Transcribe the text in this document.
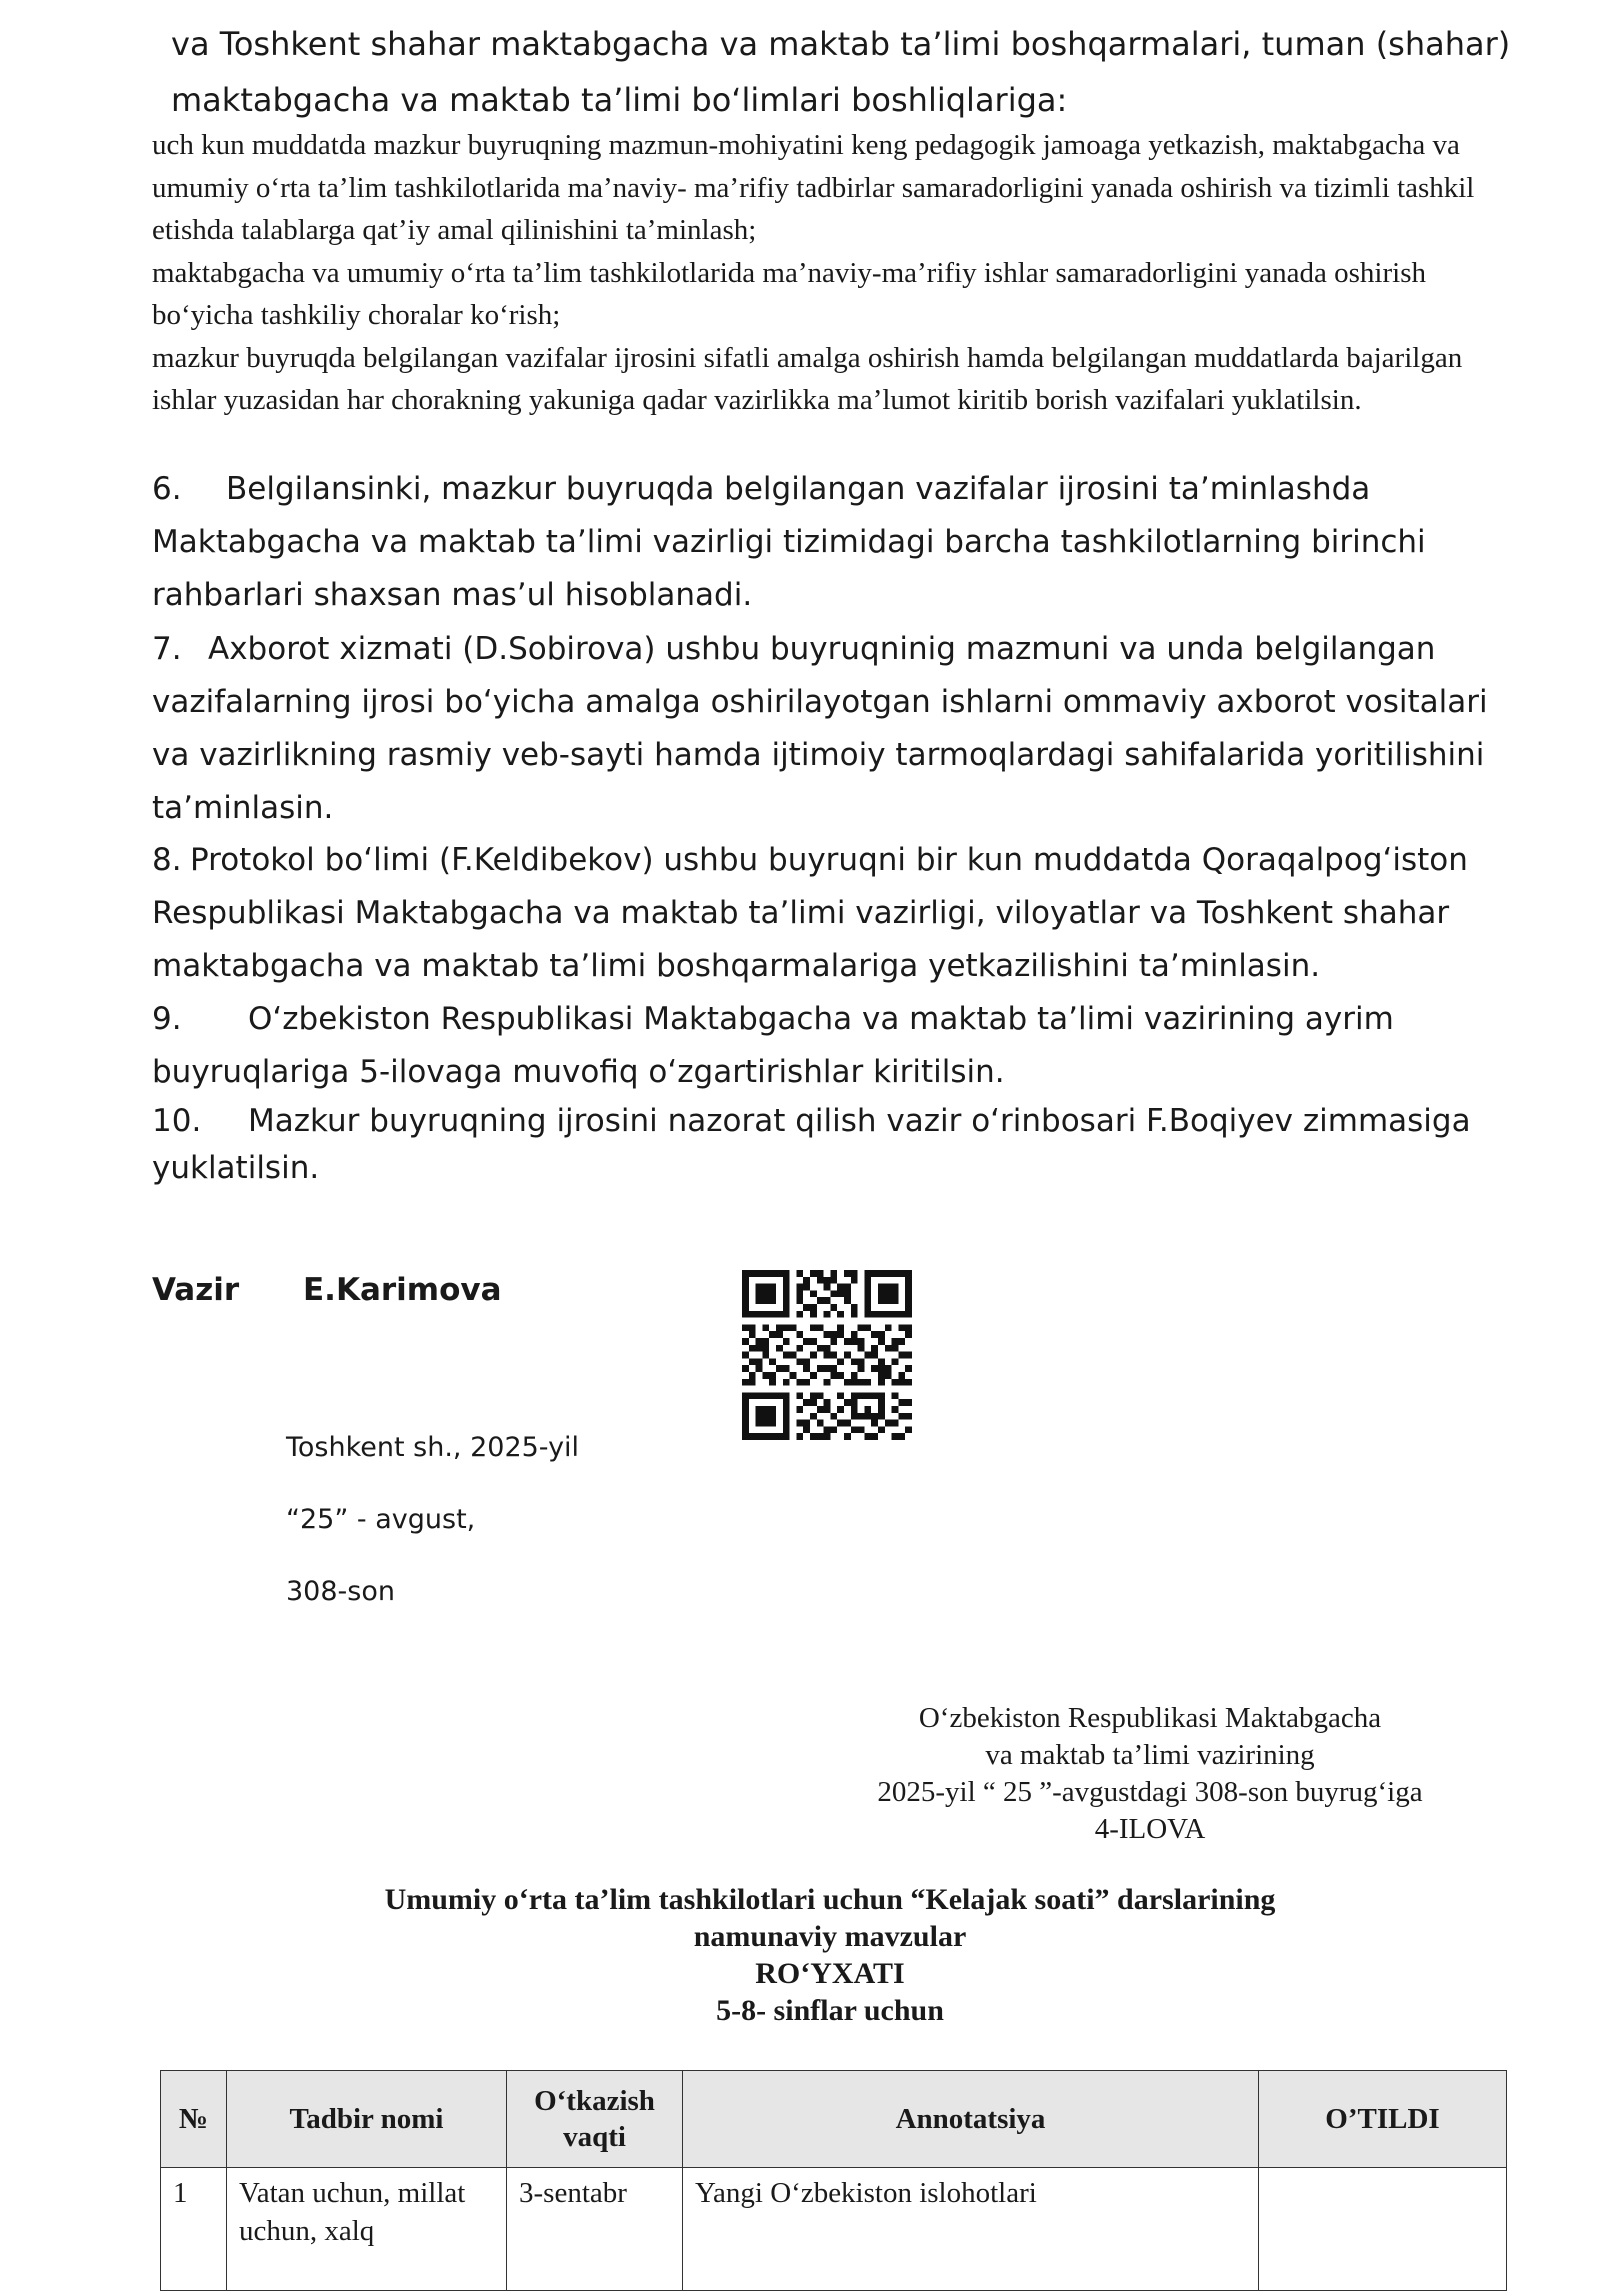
va Toshkent shahar maktabgacha va maktab ta’limi boshqarmalari, tuman (shahar)
maktabgacha va maktab ta’limi bo‘limlari boshliqlariga:

uch kun muddatda mazkur buyruqning mazmun-mohiyatini keng pedagogik jamoaga yetkazish, maktabgacha va umumiy o‘rta ta’lim tashkilotlarida ma’naviy- ma’rifiy tadbirlar samaradorligini yanada oshirish va tizimli tashkil etishda talablarga qat’iy amal qilinishini ta’minlash;

maktabgacha va umumiy o‘rta ta’lim tashkilotlarida ma’naviy-ma’rifiy ishlar samaradorligini yanada oshirish bo‘yicha tashkiliy choralar ko‘rish;

mazkur buyruqda belgilangan vazifalar ijrosini sifatli amalga oshirish hamda belgilangan muddatlarda bajarilgan ishlar yuzasidan har chorakning yakuniga qadar vazirlikka ma’lumot kiritib borish vazifalari yuklatilsin.

6. Belgilansinki, mazkur buyruqda belgilangan vazifalar ijrosini ta’minlashda Maktabgacha va maktab ta’limi vazirligi tizimidagi barcha tashkilotlarning birinchi rahbarlari shaxsan mas’ul hisoblanadi.
7. Axborot xizmati (D.Sobirova) ushbu buyruqninig mazmuni va unda belgilangan vazifalarning ijrosi bo‘yicha amalga oshirilayotgan ishlarni ommaviy axborot vositalari va vazirlikning rasmiy veb-sayti hamda ijtimoiy tarmoqlardagi sahifalarida yoritilishini ta’minlasin.
8. Protokol bo‘limi (F.Keldibekov) ushbu buyruqni bir kun muddatda Qoraqalpog‘iston Respublikasi Maktabgacha va maktab ta’limi vazirligi, viloyatlar va Toshkent shahar maktabgacha va maktab ta’limi boshqarmalariga yetkazilishini ta’minlasin.
9. O‘zbekiston Respublikasi Maktabgacha va maktab ta’limi vazirining ayrim buyruqlariga 5-ilovaga muvofiq o‘zgartirishlar kiritilsin.
10. Mazkur buyruqning ijrosini nazorat qilish vazir o‘rinbosari F.Boqiyev zimmasiga yuklatilsin.
Vazir E.Karimova
Toshkent sh., 2025-yil
“25” - avgust,
308-son
O‘zbekiston Respublikasi Maktabgacha
va maktab ta’limi vazirining
2025-yil “ 25 ”-avgustdagi 308-son buyrug‘iga
4-ILOVA
Umumiy o‘rta ta’lim tashkilotlari uchun “Kelajak soati” darslarining
namunaviy mavzular
RO‘YXATI
5-8- sinflar uchun
№	Tadbir nomi	O‘tkazish vaqti	Annotatsiya	O’TILDI
1	Vatan uchun, millat uchun, xalq	3-sentabr	Yangi O‘zbekiston islohotlari	
